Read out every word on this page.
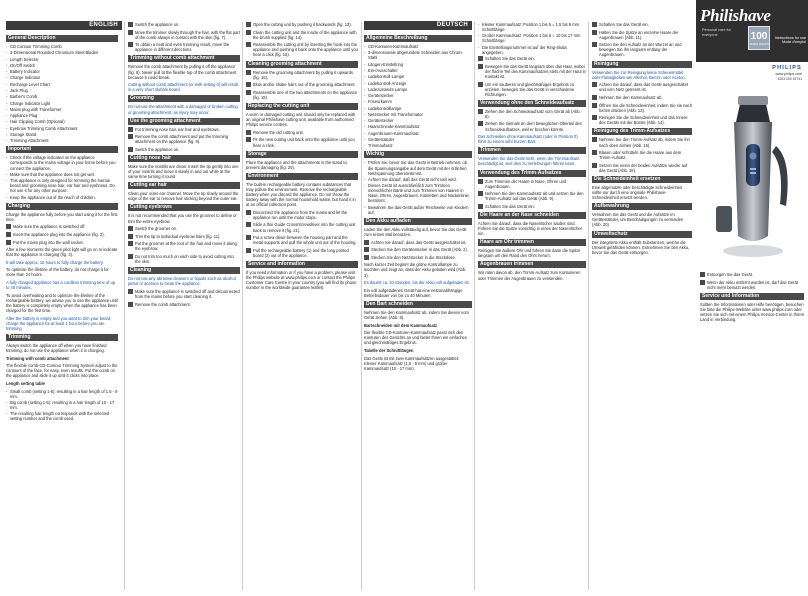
ENGLISH	DEUTSCH
General Description
- CD Contour Trimming Comb
- 3-Dimensional Rounded Chromium Steel Blades
- Length Selector
- On/Off Switch
- Battery Indicator
- Charge Indicator
- Recharge Level Chart
- Jack Plug
- Barber's Comb
- Charge Indicator Light
- Mains plug with Transformer
- Appliance Plug
- Hair Clipping Comb (Optional)
- Eyebrow Trimming Comb Attachment
- Storage Stand
- Trimming Attachment
Important
- Check if the voltage indicated on the appliance corresponds to the mains voltage in your home before you connect the appliance.
- Make sure that the appliance does not get wet.
- This appliance is only designed for trimming the human beard and grooming nose hair, ear hair and eyebrows. Do not use it for any other purpose.
- Keep the appliance out of the reach of children.
Charging
Charge the appliance fully before you start using it for the first time.
Make sure the appliance is switched off.
Insert the appliance plug into the appliance (fig. 2).
Put the mains plug into the wall socket.
After a few moments the green pilot light will go on to indicate that the appliance is charging (fig. 3).
It will take approx. 10 hours to fully charge the battery.
To optimise the lifetime of the battery, do not charge it for more than 24 hours.
A fully charged appliance has a cordless trimming time of up to 40 minutes.
To avoid overheating and to optimize the lifetime of the rechargeable battery, we advise you to use the appliance until the battery is completely empty when the appliance has been charged for the first time.
After the battery is empty and you want to trim your beard, charge the appliance for at least 1 hour before you are trimming.
Trimming
Always switch the appliance off when you have finished trimming, do not use the appliance when it is charging.
Trimming with comb attachment
The flexible comb-CD-Contour Trimming System adjust to the contours of the face, for easy, even results. Put the comb on the appliance and slide it up until it clicks into place.
Length setting table
- Small comb (setting 1-5): resulting in a hair length of 1.5 - 9 mm.
- Big comb (setting 1-5): resulting in a hair length of 10 - 17 mm.
- The resulting hair length corresponds with the selected setting number and the comb used.
Switch the appliance on.
Move the trimmer slowly through the hair, with the flat part of the comb always in contact with the skin (fig. 7).
To obtain a neat and even trimming result, move the appliance in different directions.
Trimming without comb attachment
Remove the comb attachment by pulling it off the appliance (fig. 8). Never pull at the flexible top of the comb attachment because it could break.
Cutting without comb attachment (or with setting 0) will result in a very short stubble beard.
Grooming
Do not use the attachment with a damaged or broken cutting or grooming attachment, as injury may occur.
Use the grooming attachment
For trimming nose hair, ear hair and eyebrows.
Remove the comb attachment and put the trimming attachment on the appliance (fig. 9).
Switch the appliance on.
Cutting nose hair
Make sure the nostrils are clean. Insert the tip gently into one of your nostrils and move it slowly in and out while at the same time turning it round.
Cutting ear hair
Clean your outer ear channel. Move the tip slowly around the edge of the ear to remove hair sticking beyond the outer ear.
Cutting eyebrows
It is not recommended that you use the groomer to define or trim the entire eyebrow.
Switch the groomer on.
Trim the tip to individual eyebrow hairs (fig. 11).
Put the groomer at the root of the hair and move it along the eyebrow.
Do not trim too much on each side to avoid cutting into the skin.
Cleaning
Do not use any abrasive cleaners or liquids such as alcohol, petrol or acetone to clean the appliance.
Make sure the appliance is switched off and disconnected from the mains before you start cleaning it.
Remove the comb attachment.
Open the cutting unit by pushing it backwards (fig. 13).
Clean the cutting unit and the inside of the appliance with the brush supplied (fig. 14).
Reassemble the cutting unit by inserting the hook into the appliance and pushing it back onto the appliance until you hear a click (fig. 15).
Cleaning grooming attachment
Remove the grooming attachment by pulling it upwards (fig. 16).
Blow and/or shake hairs out of the grooming attachment.
Reassemble one of the two attachments on the appliance (fig. 18).
Replacing the cutting unit
A worn or damaged cutting unit should only be replaced with an original Philishave cutting unit, available from authorised Philips service centres.
Remove the old cutting unit.
Fit the new cutting unit back onto the appliance until you hear a click.
Storage
Place the appliance and the attachments in the stand to prevent damaging (fig. 20).
Environment
The built-in rechargeable battery contains substances that may pollute the environment. Remove the rechargeable battery when you discard the appliance. Do not throw the battery away with the normal household waste, but hand it in at an official collection point.
Disconnect the appliance from the mains and let the appliance run until the motor stops.
Slide a thin Guide Cross/Screwdriver into the cutting unit back to remove it (fig. 21).
Put a screw driver between the housing part and the metal supports and pull the whole unit out of the housing.
Pull the rechargeable battery (1) and the long printed board (2) out of the appliance.
Service and information
If you need information or if you have a problem, please visit the Philips website at www.philips.com or contact the Philips Customer Care Centre in your country (you will find its phone number in the worldwide guarantee leaflet).
Allgemeine Beschreibung
- CD-Konturen-Kammaufsatz
- 3-dimensionale abgerundete Schneiden aus Chrom-Stahl
- Längen-Einstellring
- Ein-/Ausschalter
- Ladekontroll-Lampe
- Ladekontroll-Anzeige
- Ladezustands-Lampe
- Gerätestecker
- Friseurkamm
- Ladekontrolllampe
- Netzstecker mit Transformator
- Gerätestecker
- Haarschneide-Kammaufsatz
- Augenbrauen-Kammaufsatz
- Geräteständer
- Trimmaufsatz
Wichtig
- Prüfen Sie, bevor Sie das Gerät in Betrieb nehmen, ob die Spannungsangabe auf dem Gerät mit der örtlichen Netzspannung übereinstimmt.
- Achten Sie darauf, daß das Gerät nicht naß wird.
- Dieses Gerät ist ausschließlich zum Trimmen menschlicher Bärte und zum Trimmen von Haaren in Nase, Ohren, Augenbrauen, Koteletten und Nackenlinie bestimmt.
- Bewahren Sie das Gerät außer Reichweite von Kindern auf.
Den Akku aufladen
Laden Sie den Akku vollständig auf, bevor Sie das Gerät zum ersten Mal benutzen.
Achten Sie darauf, dass das Gerät ausgeschaltet ist.
Stecken Sie den Gerätestecker in das Gerät (Abb. 2).
Stecken Sie den Netzstecker in die Steckdose.
Nach kurzer Zeit beginnt die grüne Kontrollampe zu leuchten und zeigt an, dass der Akku geladen wird (Abb. 3).
Es dauert ca. 10 Stunden, bis der Akku voll aufgeladen ist.
Ein voll aufgeladenes Gerät hat eine netzunabhängige Betriebsdauer von bis zu 40 Minuten.
Den Bart schneiden
Nehmen Sie den Kammaufsatz ab, indem Sie diesen vom Gerät ziehen (Abb. 8).
Bartschneiden mit dem Kammaufsatz
Der flexible CD-Konturen-Kammaufsatz passt sich den Konturen des Gesichts an und bietet Ihnen ein einfaches und gleichmäßiges Ergebnis.
Tabelle der Schnittlängen
Das Gerät ist mit zwei Kammaufsätzen ausgestattet: Kleiner Kammaufsatz (1,5 - 9 mm) und großer Kammaufsatz (10 - 17 mm).
- Kleiner Kammaufsatz: Position 1 bis 5 = 1,5 bis 9 mm Schnittlänge.
- Großer Kammaufsatz: Position 1 bis 5 = 10 bis 17 mm Schnittlänge.
- Die Einstellungsnummer ist auf der Ring-Skala angegeben.
Schalten Sie das Gerät ein.
Bewegen Sie das Gerät langsam über das Haar, wobei der flache Teil des Kammaufsatzes stets mit der Haut in Kontakt ist.
Um ein sauberes und gleichmäßiges Ergebnis zu erzielen, bewegen Sie das Gerät in verschiedene Richtungen.
Verwendung ohne den Schneideaufsatz
Ziehen Sie den Schneideaufsatz vom Gerät ab (Abb. 8).
Ziehen Sie niemals an dem beweglichen Oberteil des Schneideaufsatzes, weil er brechen könnte.
Das Schneiden ohne Kammaufsatz (oder in Position 0) führt zu einem sehr kurzen Bart.
Trimmen
Verwenden Sie das Gerät nicht, wenn der Trimmaufsatz beschädigt ist, weil dies zu Verletzungen führen kann.
Verwendung des Trimm-Aufsatzes
Zum Trimmen der Haare in Nase, Ohren und Augenbrauen.
Nehmen Sie den Kammaufsatz ab und setzen Sie den Trimm-Aufsatz auf das Gerät (Abb. 9).
Schalten Sie das Gerät ein.
Die Haare an der Nase schneiden
Achten Sie darauf, dass die Nasenlöcher sauber sind. Führen Sie die Spitze vorsichtig in eines der Nasenlöcher ein.
Haare am Ohr trimmen
Reinigen Sie äußere Ohr und führen Sie dann die Spitze langsam um den Rand des Ohrs herum.
Augenbrauen trimmen
Wir raten davon ab, den Trimm-Aufsatz zum Konturieren oder Trimmen der Augenbrauen zu verwenden.
Schalten Sie das Gerät ein.
Halten Sie die Spitze an einzelne Haare der Augenbrauen (Abb. 11).
Setzen Sie den Aufsatz an der Wurzel an und bewegen Sie ihn langsam entlang der Augenbrauen.
Reinigung
Verwenden Sie zur Reinigung keine Scheuermittel oder Flüssigkeiten wie Alkohol, Benzin oder Aceton.
Achten Sie darauf, dass das Gerät ausgeschaltet und vom Netz getrennt ist.
Nehmen Sie den Kammaufsatz ab.
Öffnen Sie die Schneideeinheit, indem Sie sie nach hinten drücken (Abb. 13).
Reinigen Sie die Schneideeinheit und das Innere des Geräts mit der Bürste (Abb. 14).
Reinigung des Trimm-Aufsatzes
Nehmen Sie den Trimm-Aufsatz ab, indem Sie ihn nach oben ziehen (Abb. 16).
Blasen oder schütteln Sie die Haare aus dem Trimm-Aufsatz.
Setzen Sie einen der beiden Aufsätze wieder auf das Gerät (Abb. 18).
Die Schneideinheit ersetzen
Eine abgenutzte oder beschädigte Schneideinheit sollte nur durch eine originale Philishave-Schneideinheit ersetzt werden.
Aufbewahrung
Verwahren Sie das Gerät und die Aufsätze im Geräteständer, um Beschädigungen zu vermeiden (Abb. 20).
Umweltschutz
Der integrierte Akku enthält Substanzen, welche die Umwelt gefährden können. Entnehmen Sie den Akku, bevor Sie das Gerät entsorgen.
Philishave
Personal care for everyone	100
YEARS PHILIPS
Instructions for use
Mode d'emploi
PHILIPS
www.philips.com
4203 000 51741
Entsorgen Sie das Gerät.
Wenn der Akku entfernt worden ist, darf das Gerät nicht mehr benutzt werden.
Service und Information
Sollten Sie Informationen oder Hilfe benötigen, besuchen Sie bitte die Philips-Website unter www.philips.com oder setzen Sie sich mit einem Philips Service-Center in Ihrem Land in Verbindung.
